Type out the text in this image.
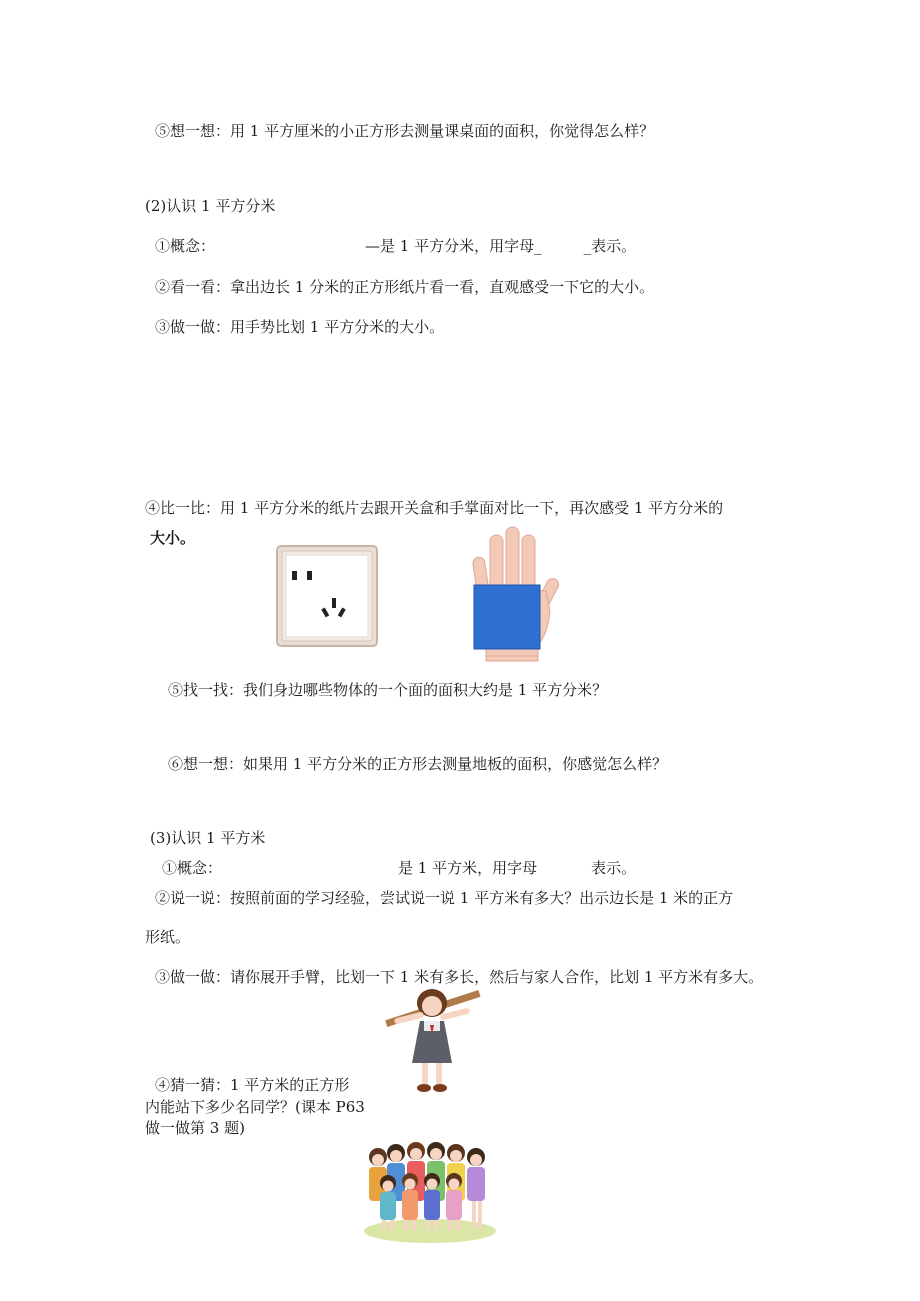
⑤想一想：用 1 平方厘米的小正方形去测量课桌面的面积，你觉得怎么样？
(2)认识 1 平方分米
①概念：	—是 1 平方分米，用字母_	_表示。
②看一看：拿出边长 1 分米的正方形纸片看一看，直观感受一下它的大小。
③做一做：用手势比划 1 平方分米的大小。
④比一比：用 1 平方分米的纸片去跟开关盒和手掌面对比一下，再次感受 1 平方分米的
大小。
⑤找一找：我们身边哪些物体的一个面的面积大约是 1 平方分米？
⑥想一想：如果用 1 平方分米的正方形去测量地板的面积，你感觉怎么样？
(3)认识 1 平方米
①概念：	是 1 平方米，用字母	表示。
②说一说：按照前面的学习经验，尝试说一说 1 平方米有多大？出示边长是 1 米的正方
形纸。
③做一做：请你展开手臂，比划一下 1 米有多长，然后与家人合作，比划 1 平方米有多大。
④猜一猜：1 平方米的正方形
内能站下多少名同学？(课本 P63
做一做第 3 题)
